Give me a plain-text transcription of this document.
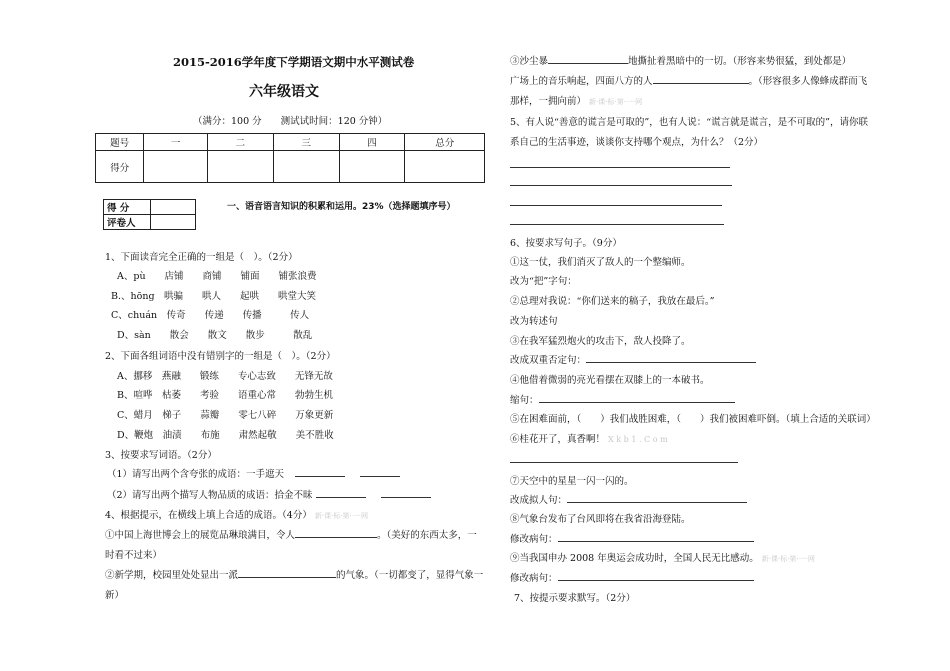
2015-2016学年度下学期语文期中水平测试卷
六年级语文
（满分：100 分　　测试试时间：120 分钟）
题号	一	二	三	四	总分
得分					
得 分	
评卷人	
一、语音语言知识的积累和运用。23%（选择题填序号）
1、下面读音完全正确的一组是（　）。（2分）
A、pù　　店铺　　商铺　　铺面　　铺张浪费
B.、hōng　哄骗　　哄人　　起哄　　哄堂大笑
C、chuán　传奇　　传递　　传播　　　传人
D、sàn　　散会　　散文　　散步　　　散乱
2、下面各组词语中没有错别字的一组是（　）。（2分）
A、挪移　燕融　　锻练　　专心志致　　无锋无故
B、喧哗　枯萎　　考验　　语重心常　　勃勃生机
C、蜡月　梯子　　蒜瓣　　零七八碎　　万象更新
D、鞭炮　油渍　　布施　　肃然起敬　　美不胜收
3、按要求写词语。（2分）
（1）请写出两个含夸张的成语：一手遮天
（2）请写出两个描写人物品质的成语：拾金不昧
4、根据提示，在横线上填上合适的成语。（4分） 新·课·标·第·一·网
①中国上海世博会上的展览品琳琅满目，令人	。（美好的东西太多，一
时看不过来）
②新学期，校园里处处显出一派	的气象。（一切都变了，显得气象一
新）
③沙尘暴	地撕扯着黑暗中的一切。（形容来势很猛，到处都是）
广场上的音乐响起，四面八方的人	。（形容很多人像蜂成群而飞
那样，一拥向前） 新·课·标·第·一·网
5、有人说“善意的谎言是可取的”，也有人说：“谎言就是谎言，是不可取的”，请你联
系自己的生活事迹，谈谈你支持哪个观点，为什么？（2分）
6、按要求写句子。（9分）
①这一仗，我们消灭了敌人的一个整编师。
改为“把”字句：
②总理对我说：“你们送来的稿子，我放在最后。”
改为转述句
③在我军猛烈炮火的攻击下，敌人投降了。
改成双重否定句：
④他借着微弱的亮光看摆在双膝上的一本破书。
缩句：
⑤在困难面前，（　　）我们战胜困难，（　　）我们被困难吓倒。（填上合适的关联词）
⑥桂花开了，真香啊！ X k b 1 . C o m
⑦天空中的星星一闪一闪的。
改成拟人句：
⑧气象台发布了台风即将在我省沿海登陆。
修改病句：
⑨当我国申办 2008 年奥运会成功时，全国人民无比感动。 新·课·标·第·一·网
修改病句：
7、按提示要求默写。（2分）
